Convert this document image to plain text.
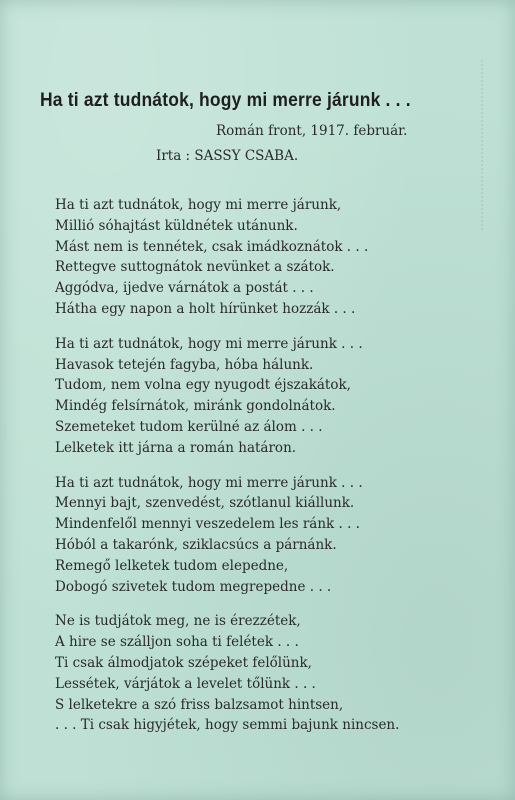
Ha ti azt tudnátok, hogy mi merre járunk . . .
Román front, 1917. február.
Irta : SASSY CSABA.
Ha ti azt tudnátok, hogy mi merre járunk,
Millió sóhajtást küldnétek utánunk.
Mást nem is tennétek, csak imádkoznátok . . .
Rettegve suttognátok nevünket a szátok.
Aggódva, ijedve várnátok a postát . . .
Hátha egy napon a holt hírünket hozzák . . .
Ha ti azt tudnátok, hogy mi merre járunk . . .
Havasok tetején fagyba, hóba hálunk.
Tudom, nem volna egy nyugodt éjszakátok,
Mindég felsírnátok, miránk gondolnátok.
Szemeteket tudom kerülné az álom . . .
Lelketek itt járna a román határon.
Ha ti azt tudnátok, hogy mi merre járunk . . .
Mennyi bajt, szenvedést, szótlanul kiállunk.
Mindenfelől mennyi veszedelem les ránk . . .
Hóból a takarónk, sziklacsúcs a párnánk.
Remegő lelketek tudom elepedne,
Dobogó szivetek tudom megrepedne . . .
Ne is tudjátok meg, ne is érezzétek,
A hire se szálljon soha ti felétek . . .
Ti csak álmodjatok szépeket felőlünk,
Lessétek, várjátok a levelet tőlünk . . .
S lelketekre a szó friss balzsamot hintsen,
. . . Ti csak higyjétek, hogy semmi bajunk nincsen.
